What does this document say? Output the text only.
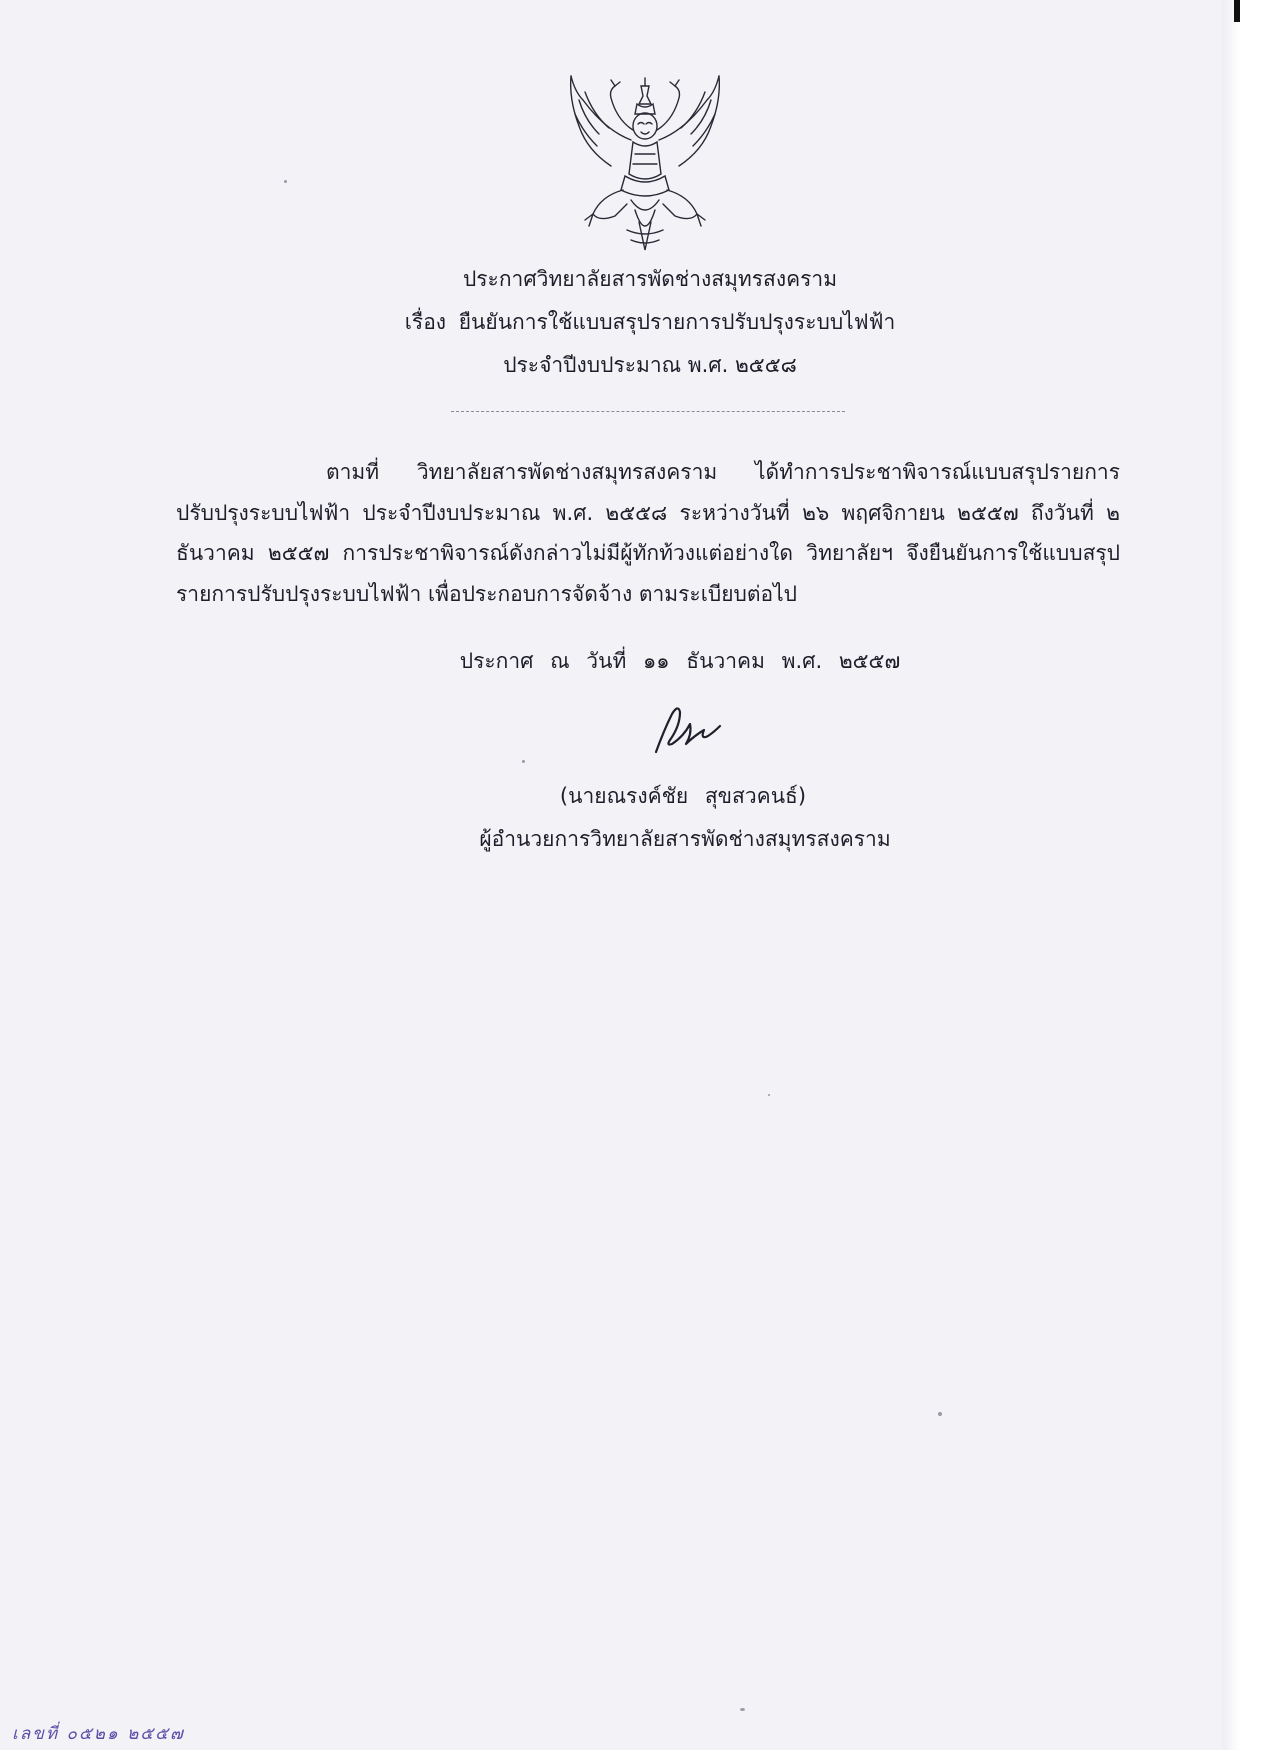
ประกาศวิทยาลัยสารพัดช่างสมุทรสงคราม
เรื่อง ยืนยันการใช้แบบสรุปรายการปรับปรุงระบบไฟฟ้า
ประจำปีงบประมาณ พ.ศ. ๒๕๕๘

ตามที่ วิทยาลัยสารพัดช่างสมุทรสงคราม ได้ทำการประชาพิจารณ์แบบสรุปรายการปรับปรุงระบบไฟฟ้า ประจำปีงบประมาณ พ.ศ. ๒๕๕๘ ระหว่างวันที่ ๒๖ พฤศจิกายน ๒๕๕๗ ถึงวันที่ ๒ ธันวาคม ๒๕๕๗ การประชาพิจารณ์ดังกล่าวไม่มีผู้ทักท้วงแต่อย่างใด วิทยาลัยฯ จึงยืนยันการใช้แบบสรุปรายการปรับปรุงระบบไฟฟ้า เพื่อประกอบการจัดจ้าง ตามระเบียบต่อไป

ประกาศ ณ วันที่ ๑๑ ธันวาคม พ.ศ. ๒๕๕๗
(นายณรงค์ชัย สุขสวคนธ์)
ผู้อำนวยการวิทยาลัยสารพัดช่างสมุทรสงคราม
เลขที่ ๐๕๒๑ ๒๕๕๗
